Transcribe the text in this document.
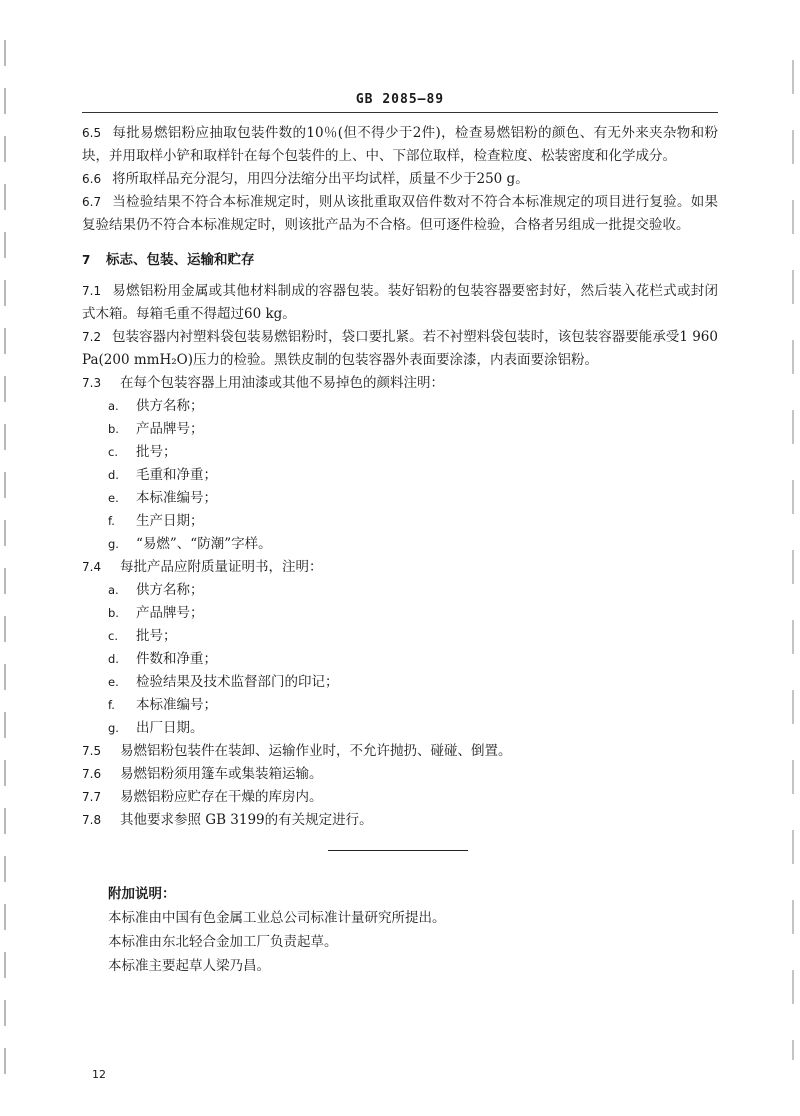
GB 2085—89

6.5 每批易燃铝粉应抽取包装件数的10％(但不得少于2件)，检查易燃铝粉的颜色、有无外来夹杂物和粉块，并用取样小铲和取样针在每个包装件的上、中、下部位取样，检查粒度、松装密度和化学成分。

6.6 将所取样品充分混匀，用四分法缩分出平均试样，质量不少于250 g。

6.7 当检验结果不符合本标准规定时，则从该批重取双倍件数对不符合本标准规定的项目进行复验。如果复验结果仍不符合本标准规定时，则该批产品为不合格。但可逐件检验，合格者另组成一批提交验收。

7 标志、包装、运输和贮存

7.1 易燃铝粉用金属或其他材料制成的容器包装。装好铝粉的包装容器要密封好，然后装入花栏式或封闭式木箱。每箱毛重不得超过60 kg。

7.2 包装容器内衬塑料袋包装易燃铝粉时，袋口要扎紧。若不衬塑料袋包装时，该包装容器要能承受1 960 Pa(200 mmH₂O)压力的检验。黑铁皮制的包装容器外表面要涂漆，内表面要涂铝粉。

7.3 在每个包装容器上用油漆或其他不易掉色的颜料注明：

a. 供方名称；

b. 产品牌号；

c. 批号；

d. 毛重和净重；

e. 本标准编号；

f. 生产日期；

g. “易燃”、“防潮”字样。

7.4 每批产品应附质量证明书，注明：

a. 供方名称；

b. 产品牌号；

c. 批号；

d. 件数和净重；

e. 检验结果及技术监督部门的印记；

f. 本标准编号；

g. 出厂日期。

7.5 易燃铝粉包装件在装卸、运输作业时，不允许抛扔、碰碰、倒置。

7.6 易燃铝粉须用篷车或集装箱运输。

7.7 易燃铝粉应贮存在干燥的库房内。

7.8 其他要求参照 GB 3199的有关规定进行。

附加说明：

本标准由中国有色金属工业总公司标准计量研究所提出。

本标准由东北轻合金加工厂负责起草。

本标准主要起草人梁乃昌。

12
